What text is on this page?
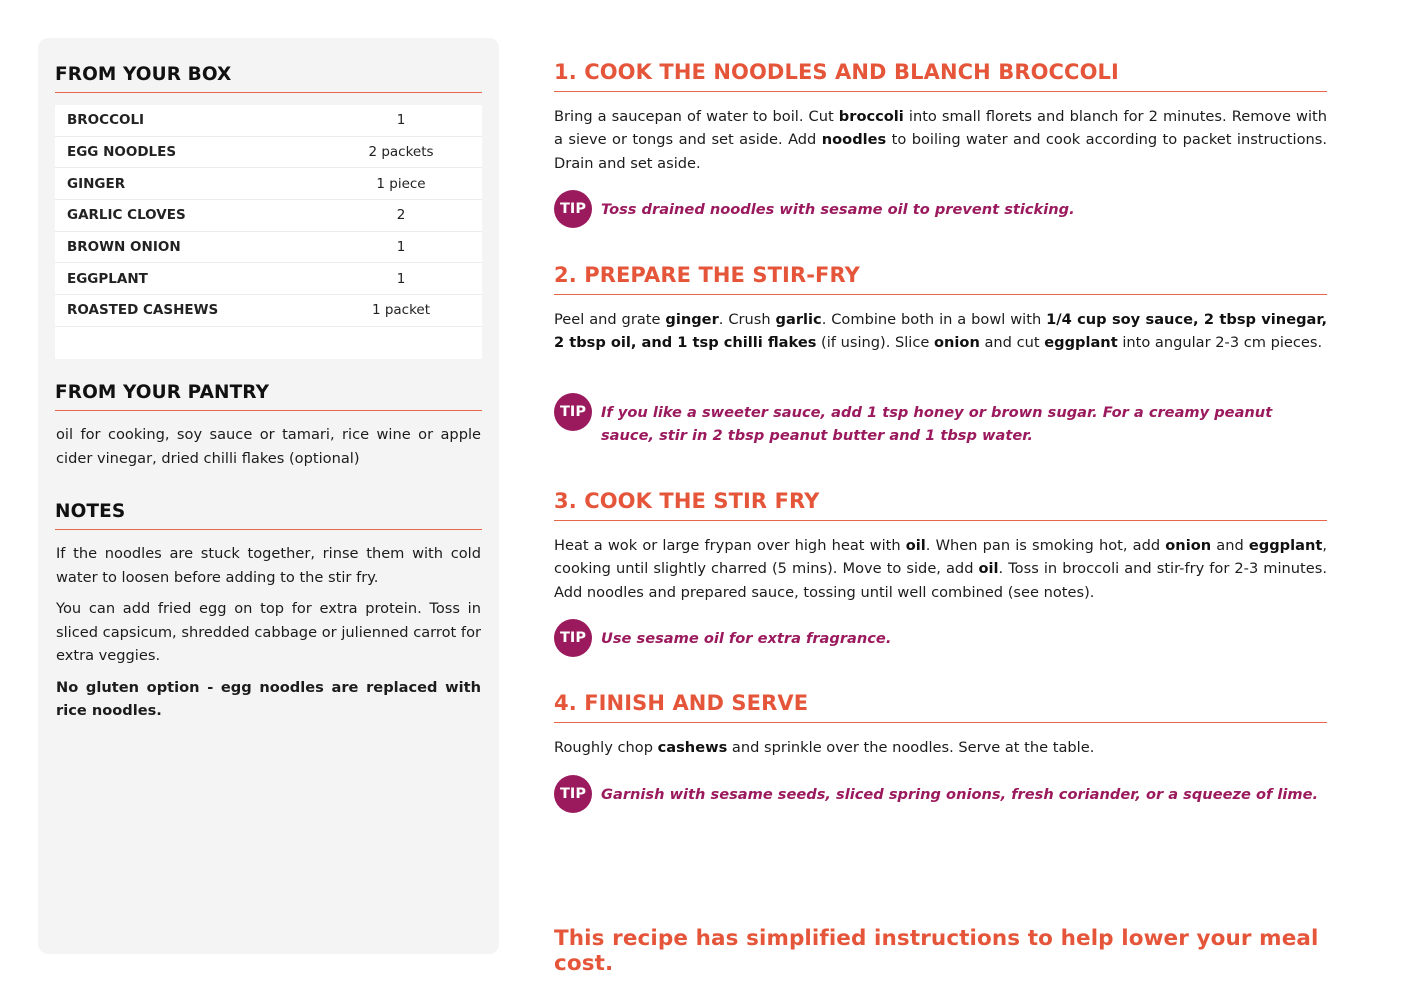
FROM YOUR BOX
BROCCOLI	1
EGG NOODLES	2 packets
GINGER	1 piece
GARLIC CLOVES	2
BROWN ONION	1
EGGPLANT	1
ROASTED CASHEWS	1 packet
FROM YOUR PANTRY

oil for cooking, soy sauce or tamari, rice wine or apple cider vinegar, dried chilli flakes (optional)

NOTES

If the noodles are stuck together, rinse them with cold water to loosen before adding to the stir fry.

You can add fried egg on top for extra protein. Toss in sliced capsicum, shredded cabbage or julienned carrot for extra veggies.

No gluten option - egg noodles are replaced with rice noodles.

1. COOK THE NOODLES AND BLANCH BROCCOLI
Bring a saucepan of water to boil. Cut broccoli into small florets and blanch for 2 minutes. Remove with a sieve or tongs and set aside. Add noodles to boiling water and cook according to packet instructions. Drain and set aside.
TIP	Toss drained noodles with sesame oil to prevent sticking.
2. PREPARE THE STIR-FRY
Peel and grate ginger. Crush garlic. Combine both in a bowl with 1/4 cup soy sauce, 2 tbsp vinegar, 2 tbsp oil, and 1 tsp chilli flakes (if using). Slice onion and cut eggplant into angular 2-3 cm pieces.
TIP	If you like a sweeter sauce, add 1 tsp honey or brown sugar. For a creamy peanut sauce, stir in 2 tbsp peanut butter and 1 tbsp water.
3. COOK THE STIR FRY
Heat a wok or large frypan over high heat with oil. When pan is smoking hot, add onion and eggplant, cooking until slightly charred (5 mins). Move to side, add oil. Toss in broccoli and stir-fry for 2-3 minutes. Add noodles and prepared sauce, tossing until well combined (see notes).
TIP	Use sesame oil for extra fragrance.
4. FINISH AND SERVE
Roughly chop cashews and sprinkle over the noodles. Serve at the table.
TIP	Garnish with sesame seeds, sliced spring onions, fresh coriander, or a squeeze of lime.
This recipe has simplified instructions to help lower your meal cost.
